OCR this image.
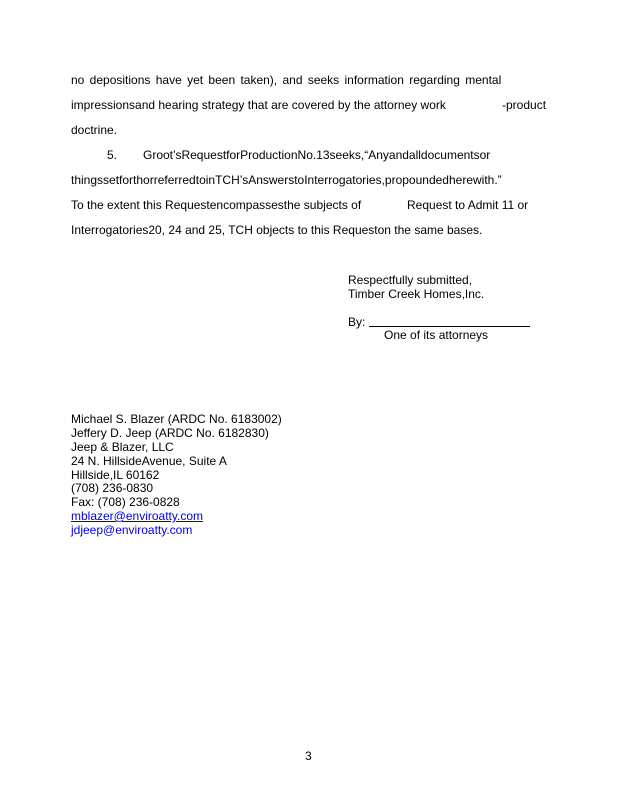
no depositions have yet been taken), and seeks information regarding mental
impressionsand hearing strategy that are covered by the attorney work	-product
doctrine.
5. Groot’sRequestforProductionNo.13seeks,“Anyandalldocumentsor
thingssetforthorreferredtoinTCH’sAnswerstoInterrogatories,propoundedherewith.”
To the extent this Requestencompassesthe subjects of	Request to Admit 11 or
Interrogatories20, 24 and 25, TCH objects to this Requeston the same bases.
Respectfully submitted,
Timber Creek Homes,Inc.
By:
One of its attorneys
Michael S. Blazer (ARDC No. 6183002)
Jeffery D. Jeep (ARDC No. 6182830)
Jeep & Blazer, LLC
24 N. HillsideAvenue, Suite A
Hillside,IL 60162
(708) 236-0830
Fax: (708) 236-0828
mblazer@enviroatty.com
jdjeep@enviroatty.com
3
